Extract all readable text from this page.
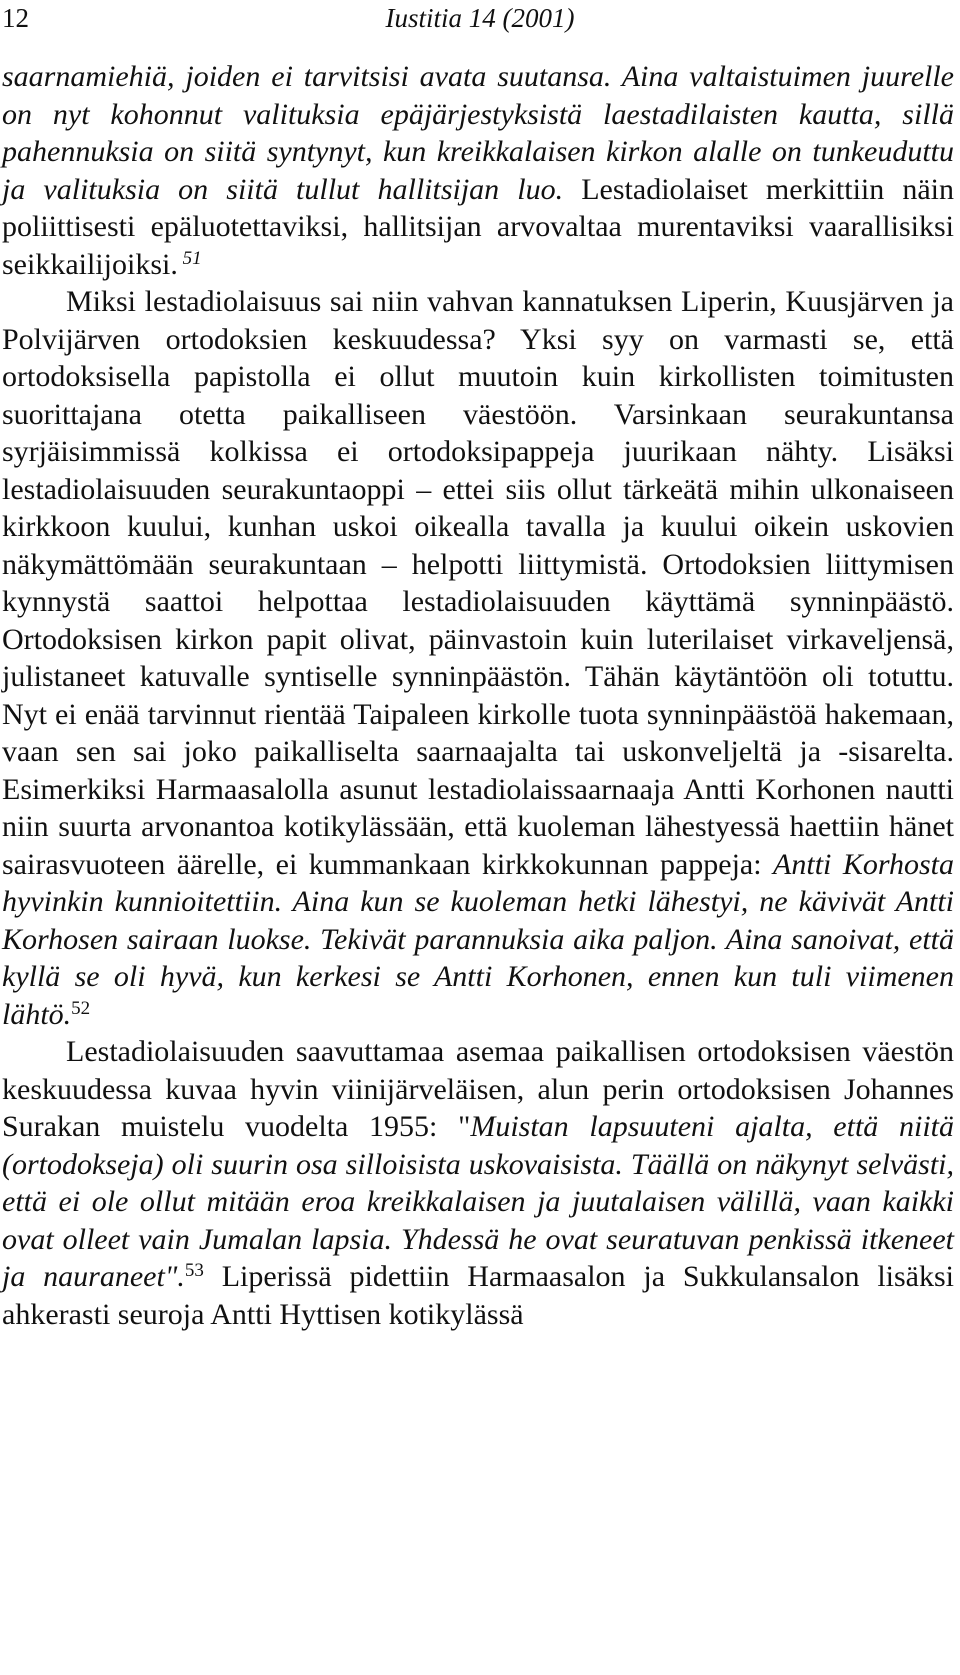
12	Iustitia 14 (2001)

saarnamiehiä, joiden ei tarvitsisi avata suutansa. Aina valtaistuimen juurelle on nyt kohonnut valituksia epäjärjestyksistä laestadilaisten kautta, sillä pahennuksia on siitä syntynyt, kun kreikkalaisen kirkon alalle on tunkeuduttu ja valituksia on siitä tullut hallitsijan luo. Lestadiolaiset merkittiin näin poliittisesti epäluotettaviksi, hallitsijan arvovaltaa murentaviksi vaarallisiksi seikkailijoiksi. $^{51}$

Miksi lestadiolaisuus sai niin vahvan kannatuksen Liperin, Kuusjärven ja Polvijärven ortodoksien keskuudessa? Yksi syy on varmasti se, että ortodoksisella papistolla ei ollut muutoin kuin kirkollisten toimitusten suorittajana otetta paikalliseen väestöön. Varsinkaan seurakuntansa syrjäisimmissä kolkissa ei ortodoksipappeja juurikaan nähty. Lisäksi lestadiolaisuuden seurakuntaoppi – ettei siis ollut tärkeätä mihin ulkonaiseen kirkkoon kuului, kunhan uskoi oikealla tavalla ja kuului oikein uskovien näkymättömään seurakuntaan – helpotti liittymistä. Ortodoksien liittymisen kynnystä saattoi helpottaa lestadiolaisuuden käyttämä synninpäästö. Ortodoksisen kirkon papit olivat, päinvastoin kuin luterilaiset virkaveljensä, julistaneet katuvalle syntiselle synninpäästön. Tähän käytäntöön oli totuttu. Nyt ei enää tarvinnut rientää Taipaleen kirkolle tuota synninpäästöä hakemaan, vaan sen sai joko paikalliselta saarnaajalta tai uskonveljeltä ja -sisarelta. Esimerkiksi Harmaasalolla asunut lestadiolaissaarnaaja Antti Korhonen nautti niin suurta arvonantoa kotikylässään, että kuoleman lähestyessä haettiin hänet sairasvuoteen äärelle, ei kummankaan kirkkokunnan pappeja: Antti Korhosta hyvinkin kunnioitettiin. Aina kun se kuoleman hetki lähestyi, ne kävivät Antti Korhosen sairaan luokse. Tekivät parannuksia aika paljon. Aina sanoivat, että kyllä se oli hyvä, kun kerkesi se Antti Korhonen, ennen kun tuli viimenen lähtö.$^{52}$

Lestadiolaisuuden saavuttamaa asemaa paikallisen ortodoksisen väestön keskuudessa kuvaa hyvin viinijärveläisen, alun perin ortodoksisen Johannes Surakan muistelu vuodelta 1955: "Muistan lapsuuteni ajalta, että niitä (ortodokseja) oli suurin osa silloisista uskovaisista. Täällä on näkynyt selvästi, että ei ole ollut mitään eroa kreikkalaisen ja juutalaisen välillä, vaan kaikki ovat olleet vain Jumalan lapsia. Yhdessä he ovat seuratuvan penkissä itkeneet ja nauraneet".$^{53}$ Liperissä pidettiin Harmaasalon ja Sukkulansalon lisäksi ahkerasti seuroja Antti Hyttisen kotikylässä
